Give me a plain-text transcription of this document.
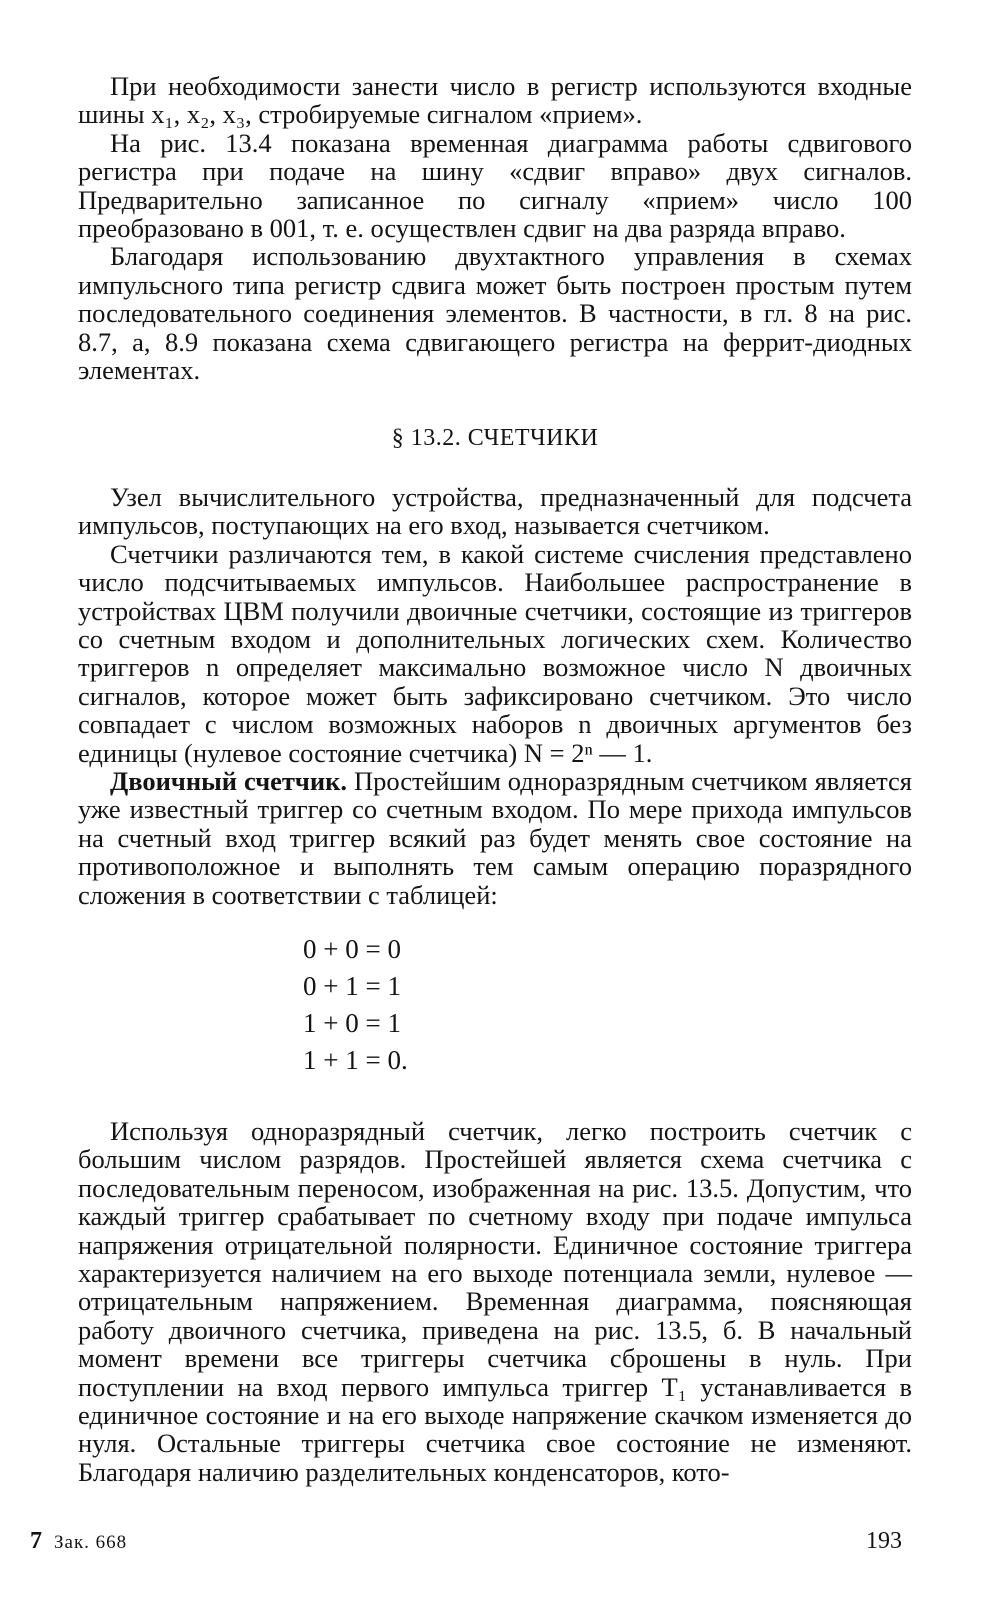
При необходимости занести число в регистр используются входные шины x₁, x₂, x₃, стробируемые сигналом «прием».

На рис. 13.4 показана временная диаграмма работы сдвигового регистра при подаче на шину «сдвиг вправо» двух сигналов. Предварительно записанное по сигналу «прием» число 100 преобразовано в 001, т. е. осуществлен сдвиг на два разряда вправо.

Благодаря использованию двухтактного управления в схемах импульсного типа регистр сдвига может быть построен простым путем последовательного соединения элементов. В частности, в гл. 8 на рис. 8.7, а, 8.9 показана схема сдвигающего регистра на феррит-диодных элементах.

§ 13.2. СЧЕТЧИКИ

Узел вычислительного устройства, предназначенный для подсчета импульсов, поступающих на его вход, называется счетчиком.

Счетчики различаются тем, в какой системе счисления представлено число подсчитываемых импульсов. Наибольшее распространение в устройствах ЦВМ получили двоичные счетчики, состоящие из триггеров со счетным входом и дополнительных логических схем. Количество триггеров n определяет максимально возможное число N двоичных сигналов, которое может быть зафиксировано счетчиком. Это число совпадает с числом возможных наборов n двоичных аргументов без единицы (нулевое состояние счетчика) N = 2ⁿ — 1.

Двоичный счетчик. Простейшим одноразрядным счетчиком является уже известный триггер со счетным входом. По мере прихода импульсов на счетный вход триггер всякий раз будет менять свое состояние на противоположное и выполнять тем самым операцию поразрядного сложения в соответствии с таблицей:

0 + 0 = 0
0 + 1 = 1
1 + 0 = 1
1 + 1 = 0.

Используя одноразрядный счетчик, легко построить счетчик с большим числом разрядов. Простейшей является схема счетчика с последовательным переносом, изображенная на рис. 13.5. Допустим, что каждый триггер срабатывает по счетному входу при подаче импульса напряжения отрицательной полярности. Единичное состояние триггера характеризуется наличием на его выходе потенциала земли, нулевое — отрицательным напряжением. Временная диаграмма, поясняющая работу двоичного счетчика, приведена на рис. 13.5, б. В начальный момент времени все триггеры счетчика сброшены в нуль. При поступлении на вход первого импульса триггер T₁ устанавливается в единичное состояние и на его выходе напряжение скачком изменяется до нуля. Остальные триггеры счетчика свое состояние не изменяют. Благодаря наличию разделительных конденсаторов, кото-

7 Зак. 668	193
